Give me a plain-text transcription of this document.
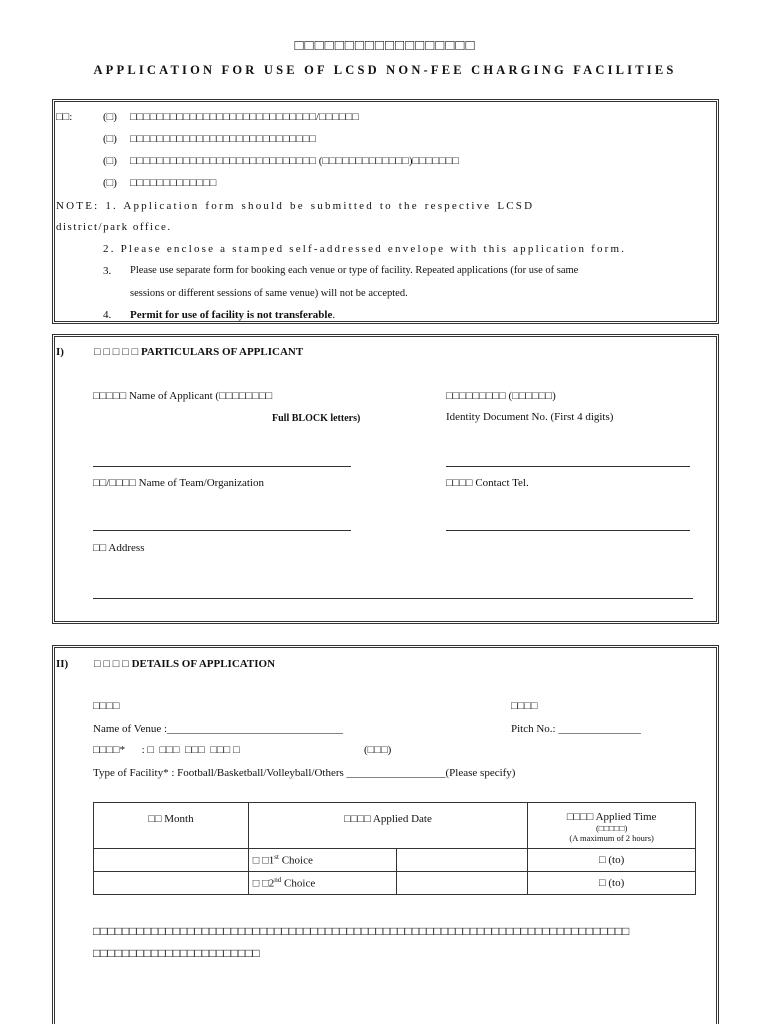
□□□□□□□□□□□□□□□□□□
APPLICATION FOR USE OF LCSD NON-FEE CHARGING FACILITIES
□□:	(□) □□□□□□□□□□□□□□□□□□□□□□□□□□□□/□□□□□□
(□) □□□□□□□□□□□□□□□□□□□□□□□□□□□□
(□) □□□□□□□□□□□□□□□□□□□□□□□□□□□□ (□□□□□□□□□□□□□)□□□□□□□
(□) □□□□□□□□□□□□□
NOTE: 1. Application form should be submitted to the respective LCSD
district/park office.
2. Please enclose a stamped self-addressed envelope with this application form.
3. Please use separate form for booking each venue or type of facility. Repeated applications (for use of same
sessions or different sessions of same venue) will not be accepted.
4. Permit for use of facility is not transferable.
I)	□ □ □ □ □ PARTICULARS OF APPLICANT
□□□□□ Name of Applicant (□□□□□□□□
Full BLOCK letters)
□□□□□□□□□ (□□□□□□)
Identity Document No. (First 4 digits)
□□/□□□□ Name of Team/Organization	□□□□ Contact Tel.
□□ Address
II) □ □ □ □ DETAILS OF APPLICATION
□□□□	□□□□
Name of Venue :________________________________	Pitch No.: _______________
□□□□*      : □  □□□  □□□  □□□ □	(□□□)
Type of Facility* : Football/Basketball/Volleyball/Others __________________(Please specify)
□□ Month	□□□□ Applied Date		□□□□ Applied Time
(□□□□□)
(A maximum of 2 hours)

	□ □1st Choice		□ (to)
	□ □2nd Choice		□ (to)
□□□□□□□□□□□□□□□□□□□□□□□□□□□□□□□□□□□□□□□□□□□□□□□□□□□□□□□□□□□□□□□□□□□□□□□□□□
□□□□□□□□□□□□□□□□□□□□□□□
